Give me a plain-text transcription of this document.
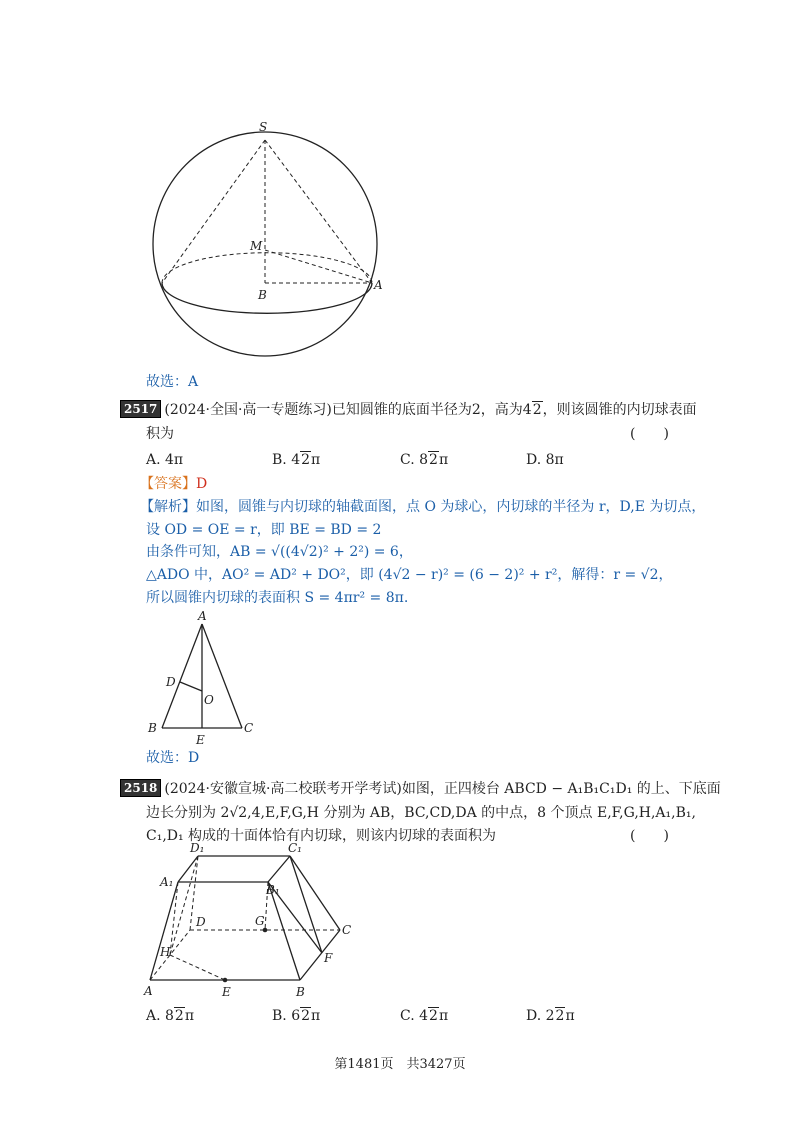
S
M
B
A
故选：A
2517 (2024·全国·高一专题练习)已知圆锥的底面半径为2，高为42，则该圆锥的内切球表面
积为	(　　)
A. 4π	B. 42π	C. 82π	D. 8π
【答案】D
【解析】如图，圆锥与内切球的轴截面图，点 O 为球心，内切球的半径为 r，D,E 为切点，
设 OD = OE = r，即 BE = BD = 2
由条件可知，AB = √((4√2)² + 2²) = 6，
△ADO 中，AO² = AD² + DO²，即 (4√2 − r)² = (6 − 2)² + r²，解得：r = √2，
所以圆锥内切球的表面积 S = 4πr² = 8π.
A
D
O
B
E
C
故选：D
2518 (2024·安徽宣城·高二校联考开学考试)如图，正四棱台 ABCD − A₁B₁C₁D₁ 的上、下底面
边长分别为 2√2,4,E,F,G,H 分别为 AB，BC,CD,DA 的中点，8 个顶点 E,F,G,H,A₁,B₁,
C₁,D₁ 构成的十面体恰有内切球，则该内切球的表面积为	(　　)
D₁	C₁
A₁
B₁
D	G
C
H	F
A	E	B
A. 82π	B. 62π	C. 42π	D. 22π
第1481页　共3427页
